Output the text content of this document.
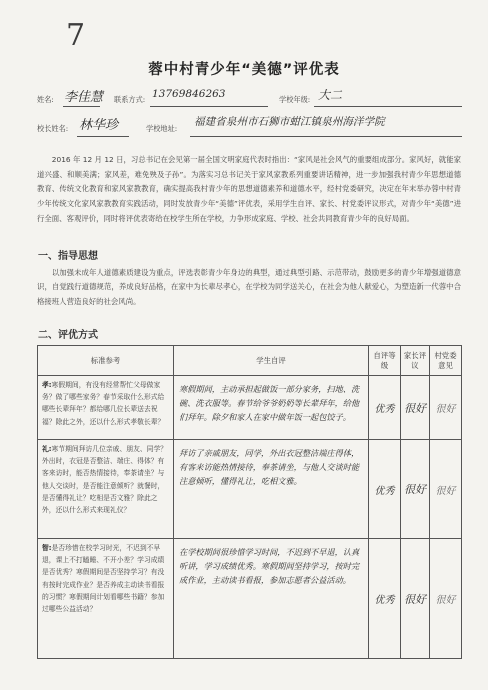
7
蓉中村青少年“美德”评优表
姓名: 李佳慧 联系方式: 13769846263	学校年级: 大二
校长姓名: 林华珍	学校地址:
福建省泉州市石狮市蚶江镇泉州海洋学院

2016 年 12 月 12 日，习总书记在会见第一届全国文明家庭代表时指出：“家风是社会风气的重要组成部分。家风好，就能家道兴盛、和顺美满；家风差，难免殃及子孙”。为落实习总书记关于家风家教系列重要讲话精神，进一步加强我村青少年思想道德教育、传统文化教育和家风家教教育，确实提高我村青少年的思想道德素养和道德水平，经村党委研究，决定在年末举办蓉中村青少年传统文化家风家教教育实践活动，同时发放青少年“美德”评优表，采用学生自评、家长、村党委评议形式，对青少年“美德”进行全面、客观评价，同时将评优表寄给在校学生所在学校，力争形成家庭、学校、社会共同教育青少年的良好局面。

一、指导思想

以加强未成年人道德素质建设为重点，评选表彰青少年身边的典型，通过典型引路、示范带动，鼓励更多的青少年增强道德意识，自觉践行道德规范，养成良好品格，在家中为长辈尽孝心，在学校为同学送关心，在社会为他人献爱心，为塑造新一代蓉中合格接班人营造良好的社会风尚。

二、评优方式
标准参考	学生自评	自评等级	家长评议	村党委意见
孝:寒假期间，有没有经常帮忙父母做家务？做了哪些家务？春节采取什么形式给哪些长辈拜年？都给哪几位长辈送去祝福？除此之外，还以什么形式孝敬长辈？	寒假期间，主动承担起做饭一部分家务，扫地、洗碗、洗衣服等。春节给爷爷奶奶等长辈拜年，给他们拜年。除夕和家人在家中做年饭一起包饺子。	优秀	很好	很好
礼:寒节期间拜访几位亲戚、朋友、同学？外出时，衣冠是否整洁、端庄、得体？有客来访时，能否热情接待，奉茶请坐？与他人交谈时，是否能注意倾听？就餐时，是否懂得礼让？吃相是否文雅？除此之外，还以什么形式来现礼仪？	拜访了亲戚朋友，同学，外出衣冠整洁端庄得体，有客来访能热情接待，奉茶请坐，与他人交谈时能注意倾听，懂得礼让，吃相文雅。	优秀	很好	很好
智:是否珍惜在校学习时光，不迟到不早退，课上不打瞌睡、不开小差？学习成绩是否优秀？寒假期间是否坚持学习？有没有按时完成作业？是否养成主动读书看报的习惯？寒假期间计划看哪些书籍？参加过哪些公益活动？	在学校期间很珍惜学习时间，不迟到不早退，认真听讲，学习成绩优秀。寒假期间坚持学习，按时完成作业，主动读书看报，参加志愿者公益活动。	优秀	很好	很好
